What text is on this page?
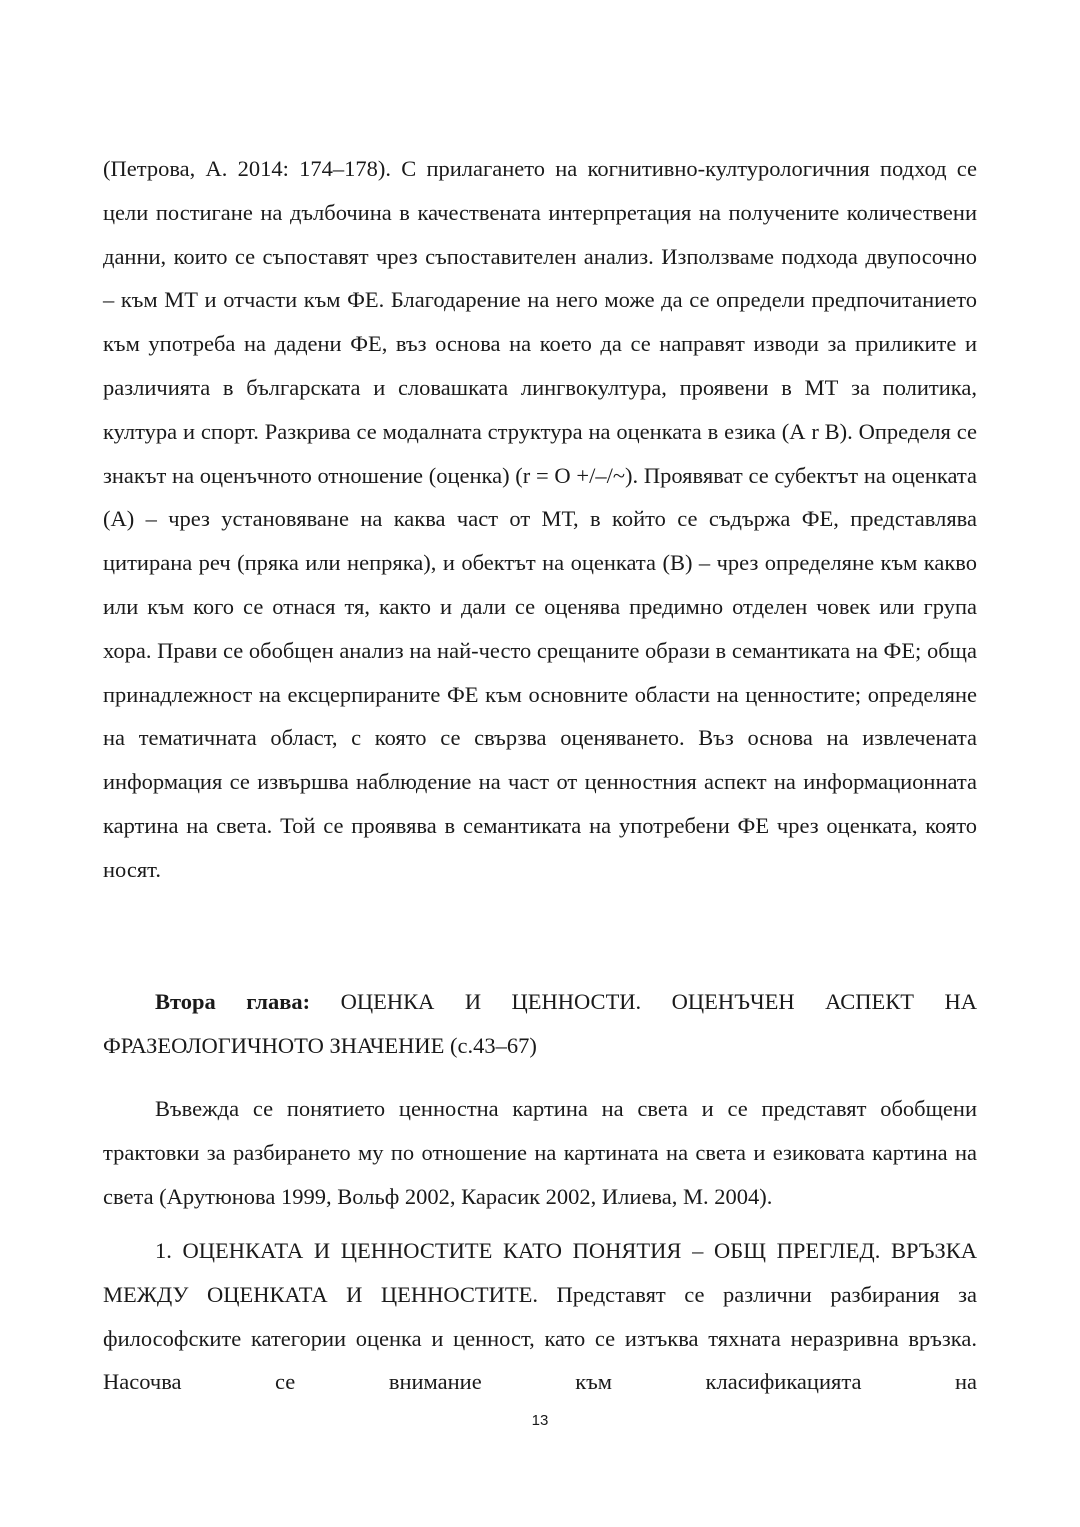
(Петрова, А. 2014: 174–178). С прилагането на когнитивно-културологичния подход се цели постигане на дълбочина в качествената интерпретация на получените количествени данни, които се съпоставят чрез съпоставителен анализ. Използваме подхода двупосочно – към МТ и отчасти към ФЕ. Благодарение на него може да се определи предпочитанието към употреба на дадени ФЕ, въз основа на което да се направят изводи за приликите и различията в българската и словашката лингвокултура, проявени в МТ за политика, култура и спорт. Разкрива се модалната структура на оценката в езика (А r В). Определя се знакът на оценъчното отношение (оценка) (r = О +/–/~). Проявяват се субектът на оценката (А) – чрез установяване на каква част от МТ, в който се съдържа ФЕ, представлява цитирана реч (пряка или непряка), и обектът на оценката (В) – чрез определяне към какво или към кого се отнася тя, както и дали се оценява предимно отделен човек или група хора. Прави се обобщен анализ на най-често срещаните образи в семантиката на ФЕ; обща принадлежност на ексцерпираните ФЕ към основните области на ценностите; определяне на тематичната област, с която се свързва оценяването. Въз основа на извлечената информация се извършва наблюдение на част от ценностния аспект на информационната картина на света. Той се проявява в семантиката на употребени ФЕ чрез оценката, която носят.

Втора глава: ОЦЕНКА И ЦЕННОСТИ. ОЦЕНЪЧЕН АСПЕКТ НА ФРАЗЕОЛОГИЧНОТО ЗНАЧЕНИЕ (с.43–67)

Въвежда се понятието ценностна картина на света и се представят обобщени трактовки за разбирането му по отношение на картината на света и езиковата картина на света (Арутюнова 1999, Вольф 2002, Карасик 2002, Илиева, М. 2004).

1. ОЦЕНКАТА И ЦЕННОСТИТЕ КАТО ПОНЯТИЯ – ОБЩ ПРЕГЛЕД. ВРЪЗКА МЕЖДУ ОЦЕНКАТА И ЦЕННОСТИТЕ. Представят се различни разбирания за философските категории оценка и ценност, като се изтъква тяхната неразривна връзка. Насочва се внимание към класификацията на

13
